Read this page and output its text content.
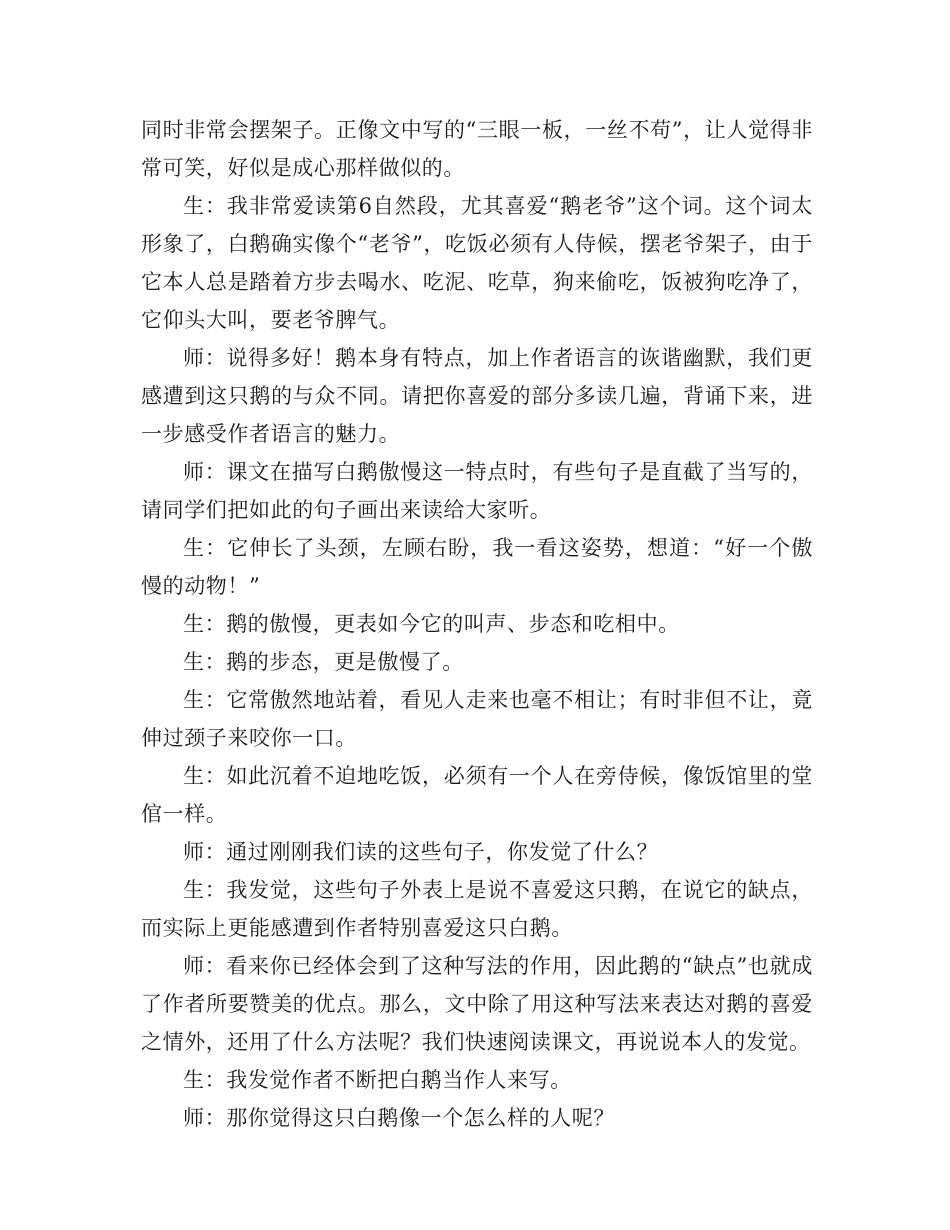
同时非常会摆架子。正像文中写的“三眼一板，一丝不苟”，让人觉得非常可笑，好似是成心那样做似的。

生：我非常爱读第6自然段，尤其喜爱“鹅老爷”这个词。这个词太形象了，白鹅确实像个“老爷”，吃饭必须有人侍候，摆老爷架子，由于它本人总是踏着方步去喝水、吃泥、吃草，狗来偷吃，饭被狗吃净了，它仰头大叫，要老爷脾气。

师：说得多好！鹅本身有特点，加上作者语言的诙谐幽默，我们更感遭到这只鹅的与众不同。请把你喜爱的部分多读几遍，背诵下来，进一步感受作者语言的魅力。

师：课文在描写白鹅傲慢这一特点时，有些句子是直截了当写的，请同学们把如此的句子画出来读给大家听。

生：它伸长了头颈，左顾右盼，我一看这姿势，想道：“好一个傲慢的动物！”

生：鹅的傲慢，更表如今它的叫声、步态和吃相中。

生：鹅的步态，更是傲慢了。

生：它常傲然地站着，看见人走来也毫不相让；有时非但不让，竟伸过颈子来咬你一口。

生：如此沉着不迫地吃饭，必须有一个人在旁侍候，像饭馆里的堂倌一样。

师：通过刚刚我们读的这些句子，你发觉了什么？

生：我发觉，这些句子外表上是说不喜爱这只鹅，在说它的缺点，而实际上更能感遭到作者特别喜爱这只白鹅。

师：看来你已经体会到了这种写法的作用，因此鹅的“缺点”也就成了作者所要赞美的优点。那么，文中除了用这种写法来表达对鹅的喜爱之情外，还用了什么方法呢？我们快速阅读课文，再说说本人的发觉。

生：我发觉作者不断把白鹅当作人来写。

师：那你觉得这只白鹅像一个怎么样的人呢？
